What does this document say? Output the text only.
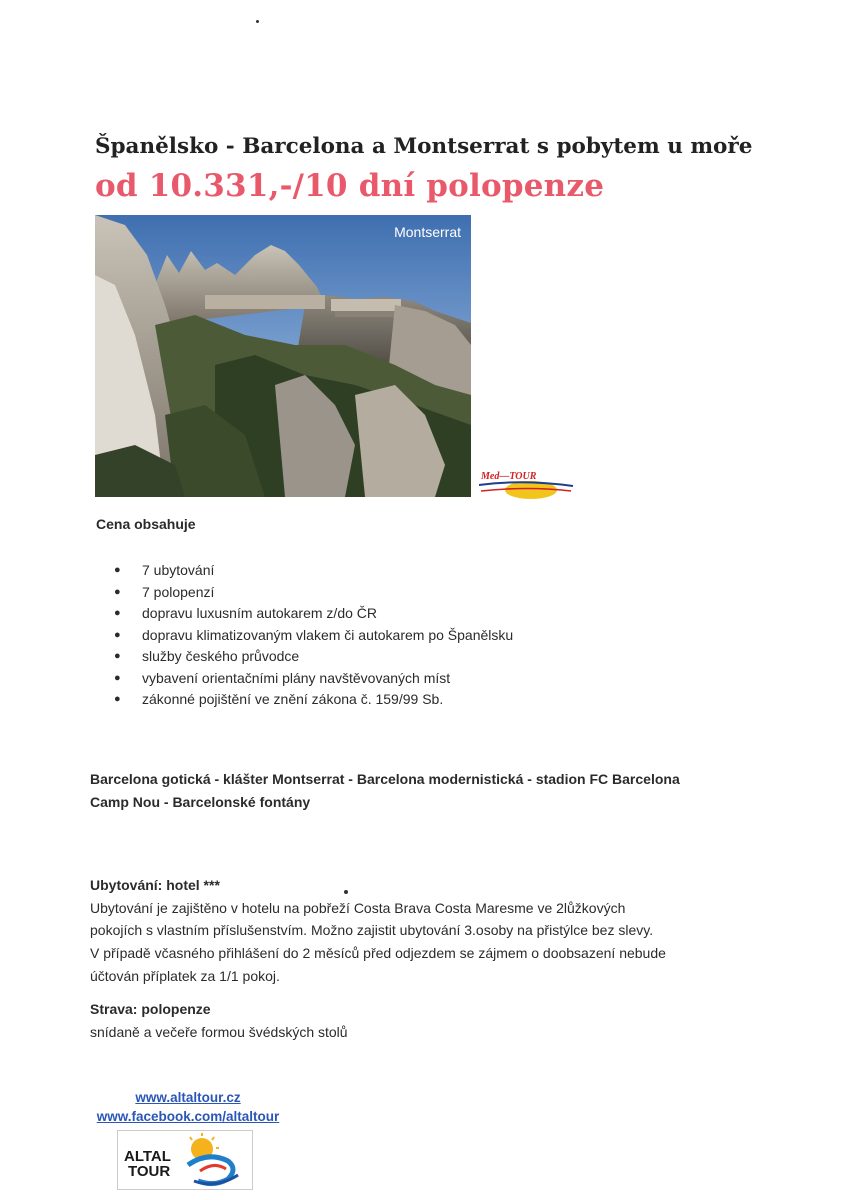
Španělsko - Barcelona a Montserrat s pobytem u moře
od 10.331,-/10 dní polopenze
Montserrat
Med—TOUR
Cena obsahuje
● 7 ubytování
● 7 polopenzí
● dopravu luxusním autokarem z/do ČR
● dopravu klimatizovaným vlakem či autokarem po Španělsku
● služby českého průvodce
● vybavení orientačními plány navštěvovaných míst
● zákonné pojištění ve znění zákona č. 159/99 Sb.
Barcelona gotická - klášter Montserrat - Barcelona modernistická - stadion FC Barcelona
Camp Nou - Barcelonské fontány
Ubytování: hotel ***
Ubytování je zajištěno v hotelu na pobřeží Costa Brava Costa Maresme ve 2lůžkových
pokojích s vlastním příslušenstvím. Možno zajistit ubytování 3.osoby na přistýlce bez slevy.
V případě včasného přihlášení do 2 měsíců před odjezdem se zájmem o doobsazení nebude
účtován příplatek za 1/1 pokoj.
Strava: polopenze
snídaně a večeře formou švédských stolů
www.altaltour.cz
www.facebook.com/altaltour
ALTAL
TOUR
